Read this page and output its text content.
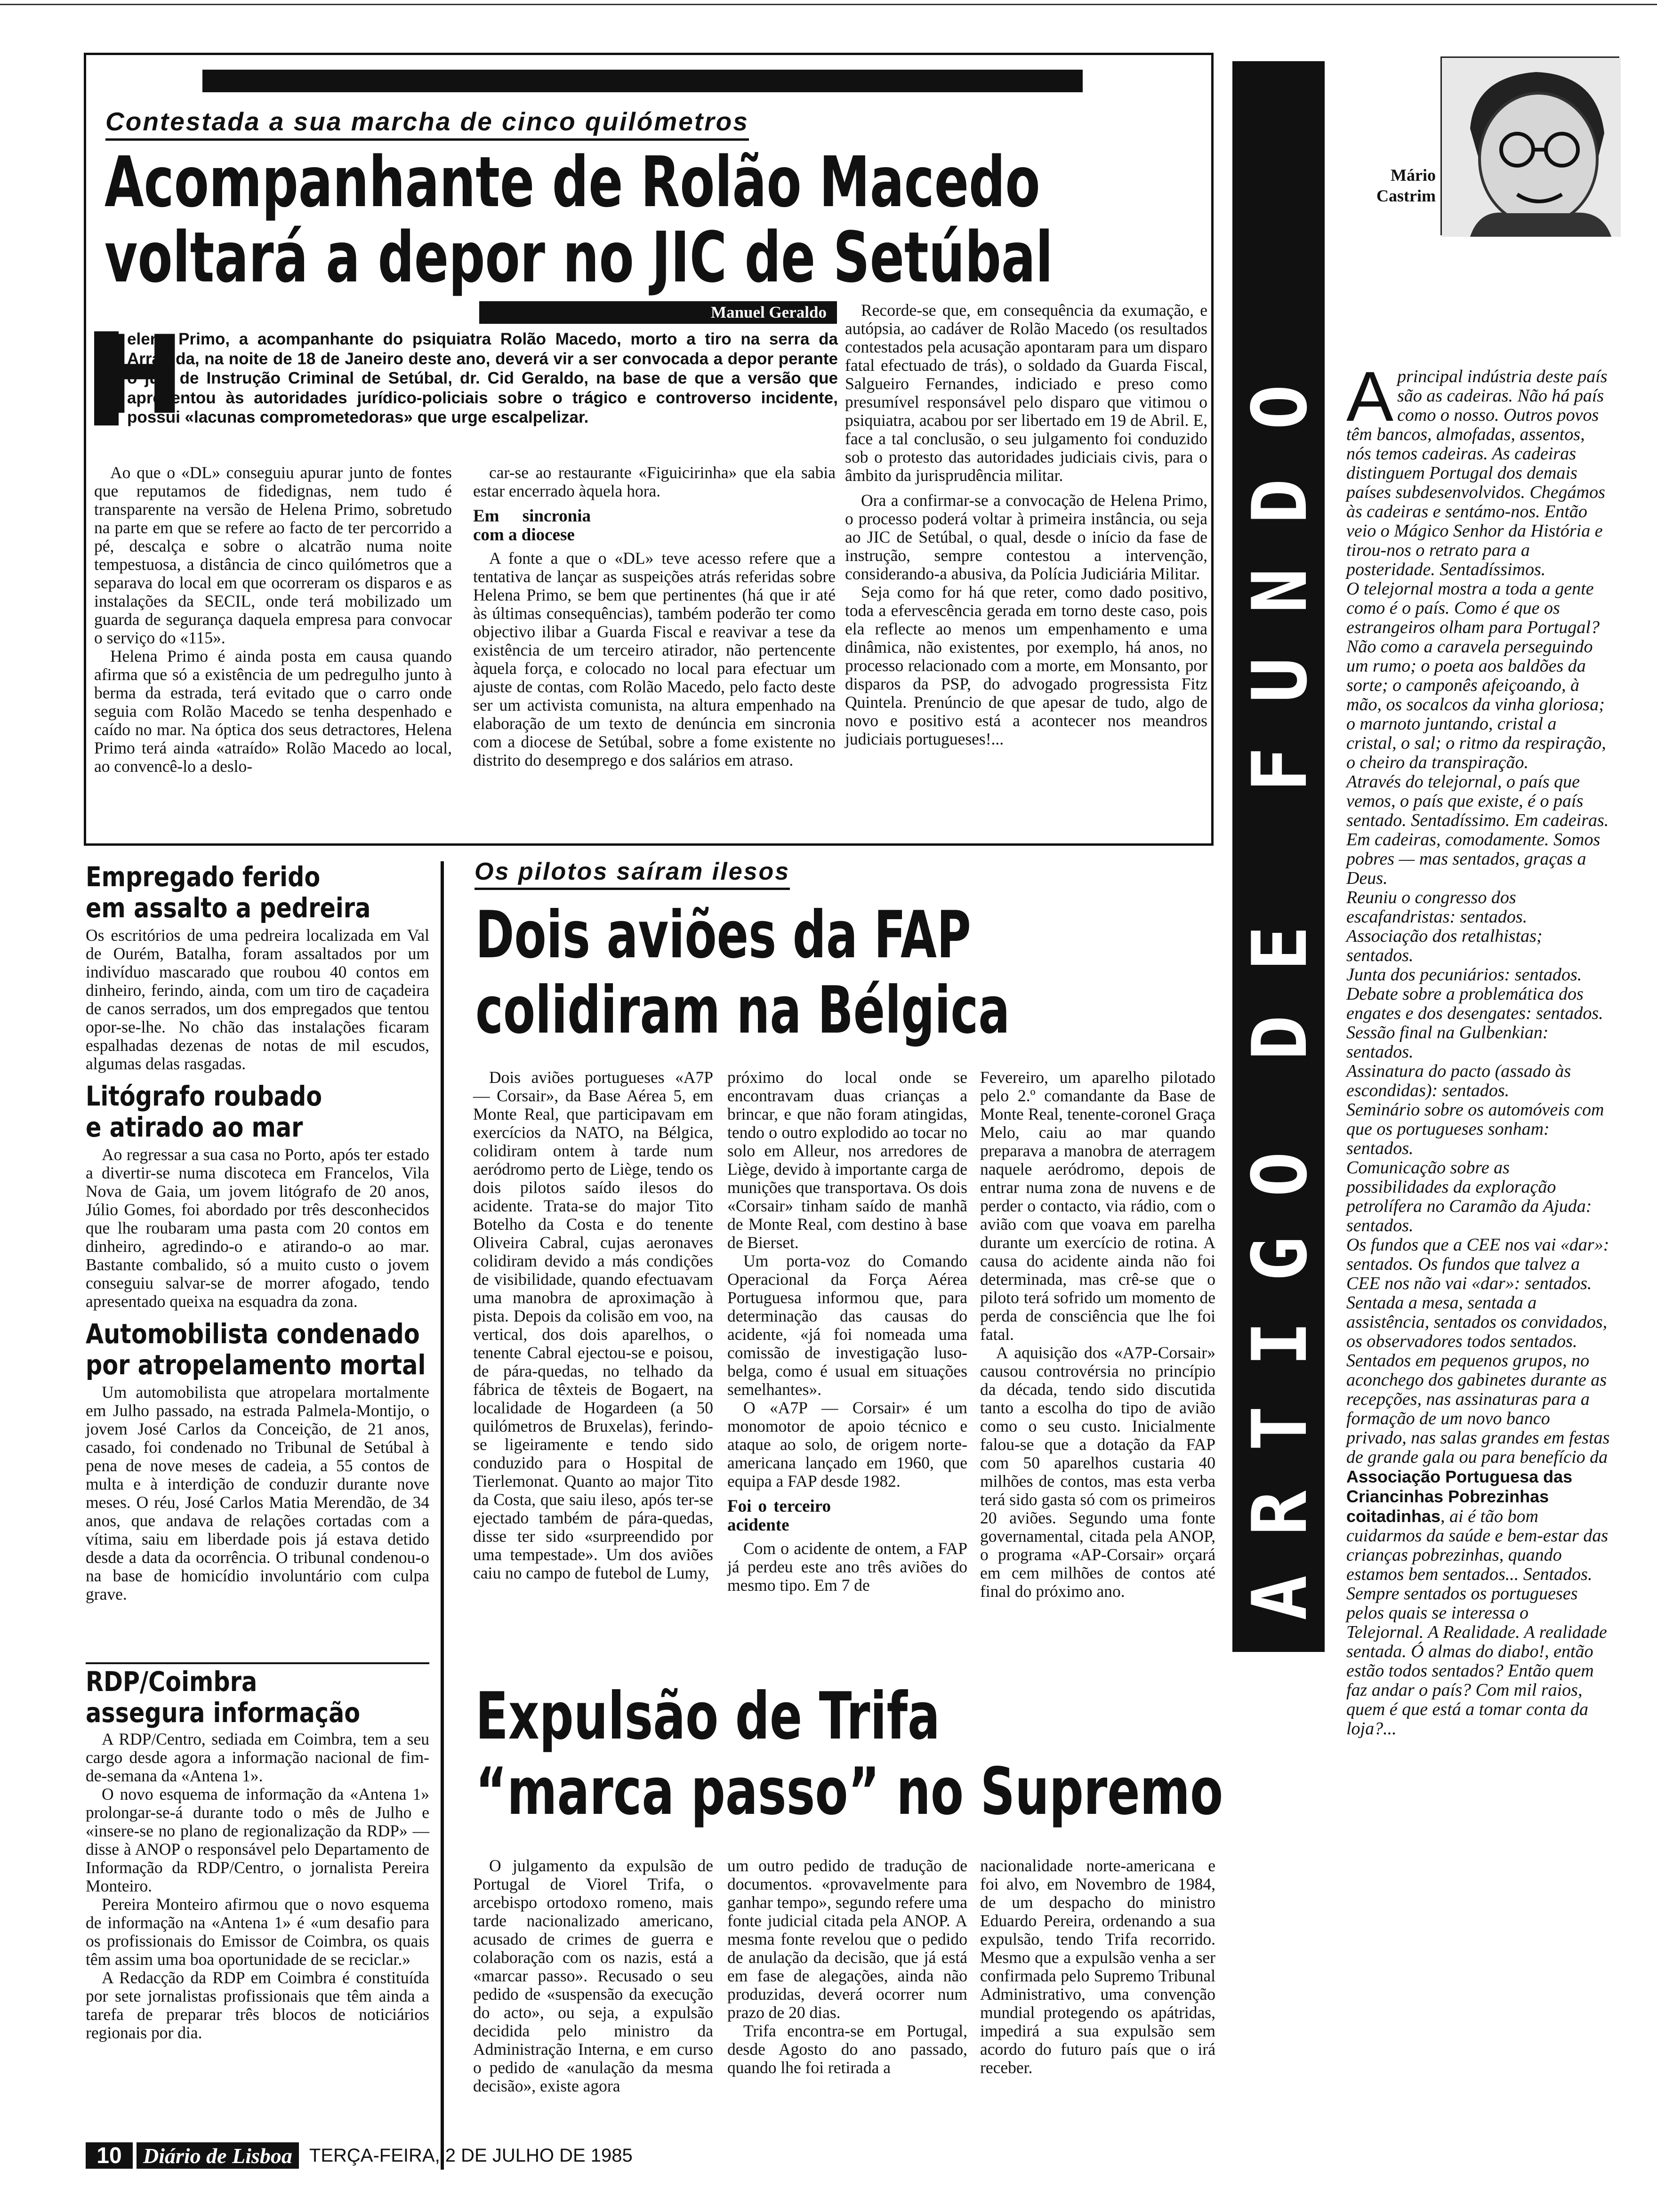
Contestada a sua marcha de cinco quilómetros
Acompanhante de Rolão Macedo
voltará a depor no JIC de Setúbal
Manuel Geraldo
H
elena Primo, a acompanhante do psiquiatra Rolão Macedo, morto a tiro na serra da Arrábida, na noite de 18 de Janeiro deste ano, deverá vir a ser convocada a depor perante o juiz de Instrução Criminal de Setúbal, dr. Cid Geraldo, na base de que a versão que apresentou às autoridades jurídico-policiais sobre o trágico e controverso incidente, possui «lacunas comprometedoras» que urge escalpelizar.

Ao que o «DL» conseguiu apurar junto de fontes que reputamos de fidedignas, nem tudo é transparente na versão de Helena Primo, sobretudo na parte em que se refere ao facto de ter percorrido a pé, descalça e sobre o alcatrão numa noite tempestuosa, a distância de cinco quilómetros que a separava do local em que ocorreram os disparos e as instalações da SECIL, onde terá mobilizado um guarda de segurança daquela empresa para convocar o serviço do «115».

Helena Primo é ainda posta em causa quando afirma que só a existência de um pedregulho junto à berma da estrada, terá evitado que o carro onde seguia com Rolão Macedo se tenha despenhado e caído no mar. Na óptica dos seus detractores, Helena Primo terá ainda «atraído» Rolão Macedo ao local, ao convencê-lo a deslo-

car-se ao restaurante «Figuicirinha» que ela sabia estar encerrado àquela hora.

Em sincronia com a diocese

A fonte a que o «DL» teve acesso refere que a tentativa de lançar as suspeições atrás referidas sobre Helena Primo, se bem que pertinentes (há que ir até às últimas consequências), também poderão ter como objectivo ilibar a Guarda Fiscal e reavivar a tese da existência de um terceiro atirador, não pertencente àquela força, e colocado no local para efectuar um ajuste de contas, com Rolão Macedo, pelo facto deste ser um activista comunista, na altura empenhado na elaboração de um texto de denúncia em sincronia com a diocese de Setúbal, sobre a fome existente no distrito do desemprego e dos salários em atraso.

Recorde-se que, em consequência da exumação, e autópsia, ao cadáver de Rolão Macedo (os resultados contestados pela acusação apontaram para um disparo fatal efectuado de trás), o soldado da Guarda Fiscal, Salgueiro Fernandes, indiciado e preso como presumível responsável pelo disparo que vitimou o psiquiatra, acabou por ser libertado em 19 de Abril. E, face a tal conclusão, o seu julgamento foi conduzido sob o protesto das autoridades judiciais civis, para o âmbito da jurisprudência militar.

Ora a confirmar-se a convocação de Helena Primo, o processo poderá voltar à primeira instância, ou seja ao JIC de Setúbal, o qual, desde o início da fase de instrução, sempre contestou a intervenção, considerando-a abusiva, da Polícia Judiciária Militar.

Seja como for há que reter, como dado positivo, toda a efervescência gerada em torno deste caso, pois ela reflecte ao menos um empenhamento e uma dinâmica, não existentes, por exemplo, há anos, no processo relacionado com a morte, em Monsanto, por disparos da PSP, do advogado progressista Fitz Quintela. Prenúncio de que apesar de tudo, algo de novo e positivo está a acontecer nos meandros judiciais portugueses!...

Empregado ferido
em assalto a pedreira
Os escritórios de uma pedreira localizada em Val de Ourém, Batalha, foram assaltados por um indivíduo mascarado que roubou 40 contos em dinheiro, ferindo, ainda, com um tiro de caçadeira de canos serrados, um dos empregados que tentou opor-se-lhe. No chão das instalações ficaram espalhadas dezenas de notas de mil escudos, algumas delas rasgadas.
Litógrafo roubado
e atirado ao mar
Ao regressar a sua casa no Porto, após ter estado a divertir-se numa discoteca em Francelos, Vila Nova de Gaia, um jovem litógrafo de 20 anos, Júlio Gomes, foi abordado por três desconhecidos que lhe roubaram uma pasta com 20 contos em dinheiro, agredindo-o e atirando-o ao mar. Bastante combalido, só a muito custo o jovem conseguiu salvar-se de morrer afogado, tendo apresentado queixa na esquadra da zona.
Automobilista condenado
por atropelamento mortal
Um automobilista que atropelara mortalmente em Julho passado, na estrada Palmela-Montijo, o jovem José Carlos da Conceição, de 21 anos, casado, foi condenado no Tribunal de Setúbal à pena de nove meses de cadeia, a 55 contos de multa e à interdição de conduzir durante nove meses. O réu, José Carlos Matia Merendão, de 34 anos, que andava de relações cortadas com a vítima, saiu em liberdade pois já estava detido desde a data da ocorrência. O tribunal condenou-o na base de homicídio involuntário com culpa grave.
RDP/Coimbra
assegura informação

A RDP/Centro, sediada em Coimbra, tem a seu cargo desde agora a informação nacional de fim-de-semana da «Antena 1».

O novo esquema de informação da «Antena 1» prolongar-se-á durante todo o mês de Julho e «insere-se no plano de regionalização da RDP» — disse à ANOP o responsável pelo Departamento de Informação da RDP/Centro, o jornalista Pereira Monteiro.

Pereira Monteiro afirmou que o novo esquema de informação na «Antena 1» é «um desafio para os profissionais do Emissor de Coimbra, os quais têm assim uma boa oportunidade de se reciclar.»

A Redacção da RDP em Coimbra é constituída por sete jornalistas profissionais que têm ainda a tarefa de preparar três blocos de noticiários regionais por dia.

Os pilotos saíram ilesos
Dois aviões da FAP
colidiram na Bélgica
Dois aviões portugueses «A7P — Corsair», da Base Aérea 5, em Monte Real, que participavam em exercícios da NATO, na Bélgica, colidiram ontem à tarde num aeródromo perto de Liège, tendo os dois pilotos saído ilesos do acidente. Trata-se do major Tito Botelho da Costa e do tenente Oliveira Cabral, cujas aeronaves colidiram devido a más condições de visibilidade, quando efectuavam uma manobra de aproximação à pista. Depois da colisão em voo, na vertical, dos dois aparelhos, o tenente Cabral ejectou-se e poisou, de pára-quedas, no telhado da fábrica de têxteis de Bogaert, na localidade de Hogardeen (a 50 quilómetros de Bruxelas), ferindo-se ligeiramente e tendo sido conduzido para o Hospital de Tierlemonat. Quanto ao major Tito da Costa, que saiu ileso, após ter-se ejectado também de pára-quedas, disse ter sido «surpreendido por uma tempestade». Um dos aviões caiu no campo de futebol de Lumy,

próximo do local onde se encontravam duas crianças a brincar, e que não foram atingidas, tendo o outro explodido ao tocar no solo em Alleur, nos arredores de Liège, devido à importante carga de munições que transportava. Os dois «Corsair» tinham saído de manhã de Monte Real, com destino à base de Bierset.

Um porta-voz do Comando Operacional da Força Aérea Portuguesa informou que, para determinação das causas do acidente, «já foi nomeada uma comissão de investigação luso-belga, como é usual em situações semelhantes».

O «A7P — Corsair» é um monomotor de apoio técnico e ataque ao solo, de origem norte-americana lançado em 1960, que equipa a FAP desde 1982.

Foi o terceiro acidente

Com o acidente de ontem, a FAP já perdeu este ano três aviões do mesmo tipo. Em 7 de

Fevereiro, um aparelho pilotado pelo 2.º comandante da Base de Monte Real, tenente-coronel Graça Melo, caiu ao mar quando preparava a manobra de aterragem naquele aeródromo, depois de entrar numa zona de nuvens e de perder o contacto, via rádio, com o avião com que voava em parelha durante um exercício de rotina. A causa do acidente ainda não foi determinada, mas crê-se que o piloto terá sofrido um momento de perda de consciência que lhe foi fatal.

A aquisição dos «A7P-Corsair» causou controvérsia no princípio da década, tendo sido discutida tanto a escolha do tipo de avião como o seu custo. Inicialmente falou-se que a dotação da FAP com 50 aparelhos custaria 40 milhões de contos, mas esta verba terá sido gasta só com os primeiros 20 aviões. Segundo uma fonte governamental, citada pela ANOP, o programa «AP-Corsair» orçará em cem milhões de contos até final do próximo ano.

Expulsão de Trifa
“marca passo” no Supremo
O julgamento da expulsão de Portugal de Viorel Trifa, o arcebispo ortodoxo romeno, mais tarde nacionalizado americano, acusado de crimes de guerra e colaboração com os nazis, está a «marcar passo». Recusado o seu pedido de «suspensão da execução do acto», ou seja, a expulsão decidida pelo ministro da Administração Interna, e em curso o pedido de «anulação da mesma decisão», existe agora

um outro pedido de tradução de documentos. «provavelmente para ganhar tempo», segundo refere uma fonte judicial citada pela ANOP. A mesma fonte revelou que o pedido de anulação da decisão, que já está em fase de alegações, ainda não produzidas, deverá ocorrer num prazo de 20 dias.

Trifa encontra-se em Portugal, desde Agosto do ano passado, quando lhe foi retirada a

nacionalidade norte-americana e foi alvo, em Novembro de 1984, de um despacho do ministro Eduardo Pereira, ordenando a sua expulsão, tendo Trifa recorrido. Mesmo que a expulsão venha a ser confirmada pelo Supremo Tribunal Administrativo, uma convenção mundial protegendo os apátridas, impedirá a sua expulsão sem acordo do futuro país que o irá receber.
10 Diário de Lisboa TERÇA-FEIRA, 2 DE JULHO DE 1985
O
D
N
U
F
E
D
O
G
I
T
R
A
Mário
Castrim
A principal indústria deste país são as cadeiras. Não há país como o nosso. Outros povos têm bancos, almofadas, assentos, nós temos cadeiras. As cadeiras distinguem Portugal dos demais países subdesenvolvidos. Chegámos às cadeiras e sentámo-nos. Então veio o Mágico Senhor da História e tirou-nos o retrato para a posteridade. Sentadíssimos.
O telejornal mostra a toda a gente como é o país. Como é que os estrangeiros olham para Portugal? Não como a caravela perseguindo um rumo; o poeta aos baldões da sorte; o camponês afeiçoando, à mão, os socalcos da vinha gloriosa; o marnoto juntando, cristal a cristal, o sal; o ritmo da respiração, o cheiro da transpiração.
Através do telejornal, o país que vemos, o país que existe, é o país sentado. Sentadíssimo. Em cadeiras. Em cadeiras, comodamente. Somos pobres — mas sentados, graças a Deus.
Reuniu o congresso dos escafandristas: sentados.
Associação dos retalhistas; sentados.
Junta dos pecuniários: sentados.
Debate sobre a problemática dos engates e dos desengates: sentados.
Sessão final na Gulbenkian: sentados.
Assinatura do pacto (assado às escondidas): sentados.
Seminário sobre os automóveis com que os portugueses sonham: sentados.
Comunicação sobre as possibilidades da exploração petrolífera no Caramão da Ajuda: sentados.
Os fundos que a CEE nos vai «dar»: sentados. Os fundos que talvez a CEE nos não vai «dar»: sentados.
Sentada a mesa, sentada a assistência, sentados os convidados, os observadores todos sentados.
Sentados em pequenos grupos, no aconchego dos gabinetes durante as recepções, nas assinaturas para a formação de um novo banco privado, nas salas grandes em festas de grande gala ou para benefício da Associação Portuguesa das Criancinhas Pobrezinhas coitadinhas, ai é tão bom cuidarmos da saúde e bem-estar das crianças pobrezinhas, quando estamos bem sentados... Sentados. Sempre sentados os portugueses pelos quais se interessa o Telejornal. A Realidade. A realidade sentada. Ó almas do diabo!, então estão todos sentados? Então quem faz andar o país? Com mil raios, quem é que está a tomar conta da loja?...
